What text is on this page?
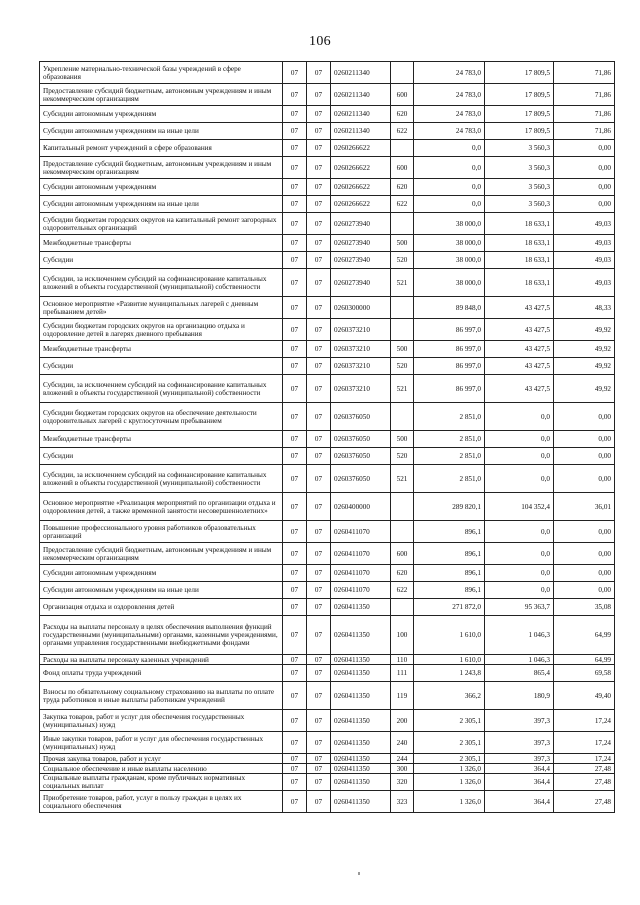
106
Укрепление материально-технической базы учреждений в сфере образования	07	07	0260211340		24 783,0	17 809,5	71,86
Предоставление субсидий бюджетным, автономным учреждениям и иным некоммерческим организациям	07	07	0260211340	600	24 783,0	17 809,5	71,86
Субсидии автономным учреждениям	07	07	0260211340	620	24 783,0	17 809,5	71,86
Субсидии автономным учреждениям на иные цели	07	07	0260211340	622	24 783,0	17 809,5	71,86
Капитальный ремонт учреждений в сфере образования	07	07	0260266622		0,0	3 560,3	0,00
Предоставление субсидий бюджетным, автономным учреждениям и иным некоммерческим организациям	07	07	0260266622	600	0,0	3 560,3	0,00
Субсидии автономным учреждениям	07	07	0260266622	620	0,0	3 560,3	0,00
Субсидии автономным учреждениям на иные цели	07	07	0260266622	622	0,0	3 560,3	0,00
Субсидии бюджетам городских округов на капитальный ремонт загородных оздоровительных организаций	07	07	0260273940		38 000,0	18 633,1	49,03
Межбюджетные трансферты	07	07	0260273940	500	38 000,0	18 633,1	49,03
Субсидии	07	07	0260273940	520	38 000,0	18 633,1	49,03
Субсидии, за исключением субсидий на софинансирование капитальных вложений в объекты государственной (муниципальной) собственности	07	07	0260273940	521	38 000,0	18 633,1	49,03
Основное мероприятие «Развитие муниципальных лагерей с дневным пребыванием детей»	07	07	0260300000		89 848,0	43 427,5	48,33
Субсидии бюджетам городских округов на организацию отдыха и оздоровление детей в лагерях дневного пребывания	07	07	0260373210		86 997,0	43 427,5	49,92
Межбюджетные трансферты	07	07	0260373210	500	86 997,0	43 427,5	49,92
Субсидии	07	07	0260373210	520	86 997,0	43 427,5	49,92
Субсидии, за исключением субсидий на софинансирование капитальных вложений в объекты государственной (муниципальной) собственности	07	07	0260373210	521	86 997,0	43 427,5	49,92
Субсидии бюджетам городских округов на обеспечение деятельности оздоровительных лагерей с круглосуточным пребыванием	07	07	0260376050		2 851,0	0,0	0,00
Межбюджетные трансферты	07	07	0260376050	500	2 851,0	0,0	0,00
Субсидии	07	07	0260376050	520	2 851,0	0,0	0,00
Субсидии, за исключением субсидий на софинансирование капитальных вложений в объекты государственной (муниципальной) собственности	07	07	0260376050	521	2 851,0	0,0	0,00
Основное мероприятие «Реализация мероприятий по организации отдыха и оздоровления детей, а также временной занятости несовершеннолетних»	07	07	0260400000		289 820,1	104 352,4	36,01
Повышение профессионального уровня работников образовательных организаций	07	07	0260411070		896,1	0,0	0,00
Предоставление субсидий бюджетным, автономным учреждениям и иным некоммерческим организациям	07	07	0260411070	600	896,1	0,0	0,00
Субсидии автономным учреждениям	07	07	0260411070	620	896,1	0,0	0,00
Субсидии автономным учреждениям на иные цели	07	07	0260411070	622	896,1	0,0	0,00
Организация отдыха и оздоровления детей	07	07	0260411350		271 872,0	95 363,7	35,08
Расходы на выплаты персоналу в целях обеспечения выполнения функций государственными (муниципальными) органами, казенными учреждениями, органами управления государственными внебюджетными фондами	07	07	0260411350	100	1 610,0	1 046,3	64,99
Расходы на выплаты персоналу казенных учреждений	07	07	0260411350	110	1 610,0	1 046,3	64,99
Фонд оплаты труда учреждений	07	07	0260411350	111	1 243,8	865,4	69,58
Взносы по обязательному социальному страхованию на выплаты по оплате труда работников и иные выплаты работникам учреждений	07	07	0260411350	119	366,2	180,9	49,40
Закупка товаров, работ и услуг для обеспечения государственных (муниципальных) нужд	07	07	0260411350	200	2 305,1	397,3	17,24
Иные закупки товаров, работ и услуг для обеспечения государственных (муниципальных) нужд	07	07	0260411350	240	2 305,1	397,3	17,24
Прочая закупка товаров, работ и услуг	07	07	0260411350	244	2 305,1	397,3	17,24
Социальное обеспечение и иные выплаты населению	07	07	0260411350	300	1 326,0	364,4	27,48
Социальные выплаты гражданам, кроме публичных нормативных социальных выплат	07	07	0260411350	320	1 326,0	364,4	27,48
Приобретение товаров, работ, услуг в пользу граждан в целях их социального обеспечения	07	07	0260411350	323	1 326,0	364,4	27,48
